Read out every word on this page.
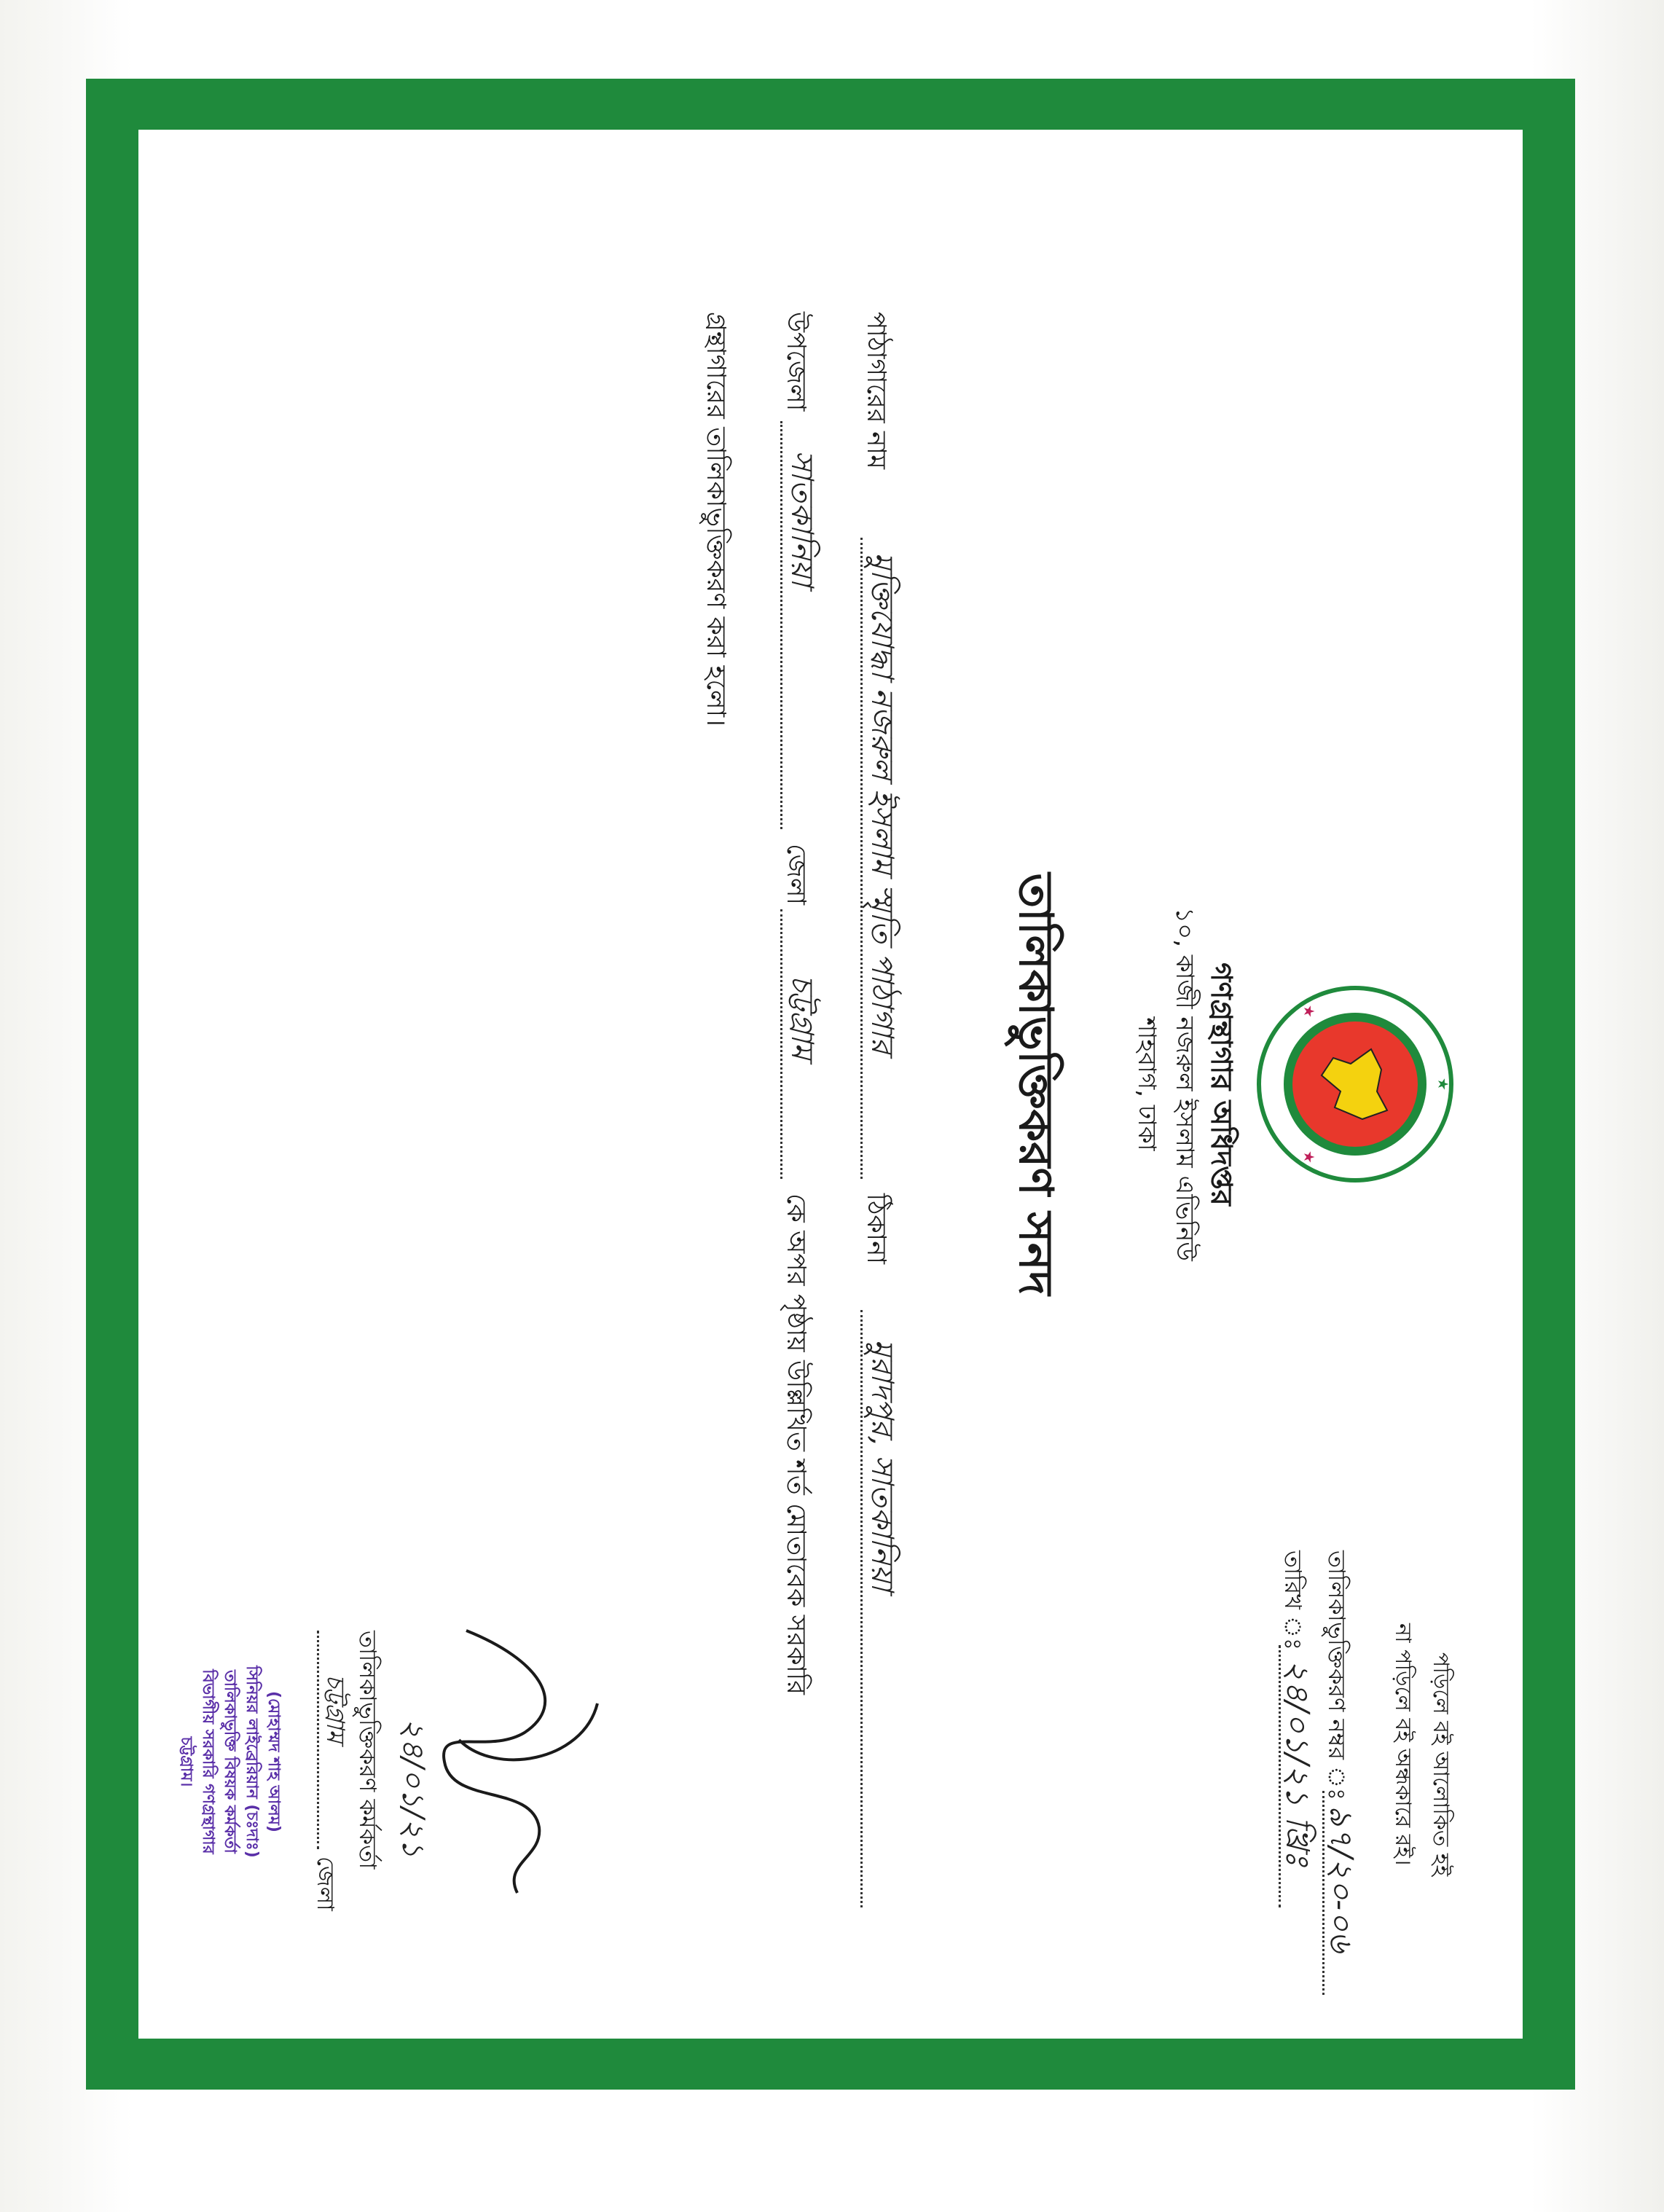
পড়িলে বই আলোকিত হই
না পড়িলে বই অন্ধকারে রই।
★
★
★
গণগ্রন্থাগার অধিদপ্তর
১০, কাজী নজরুল ইসলাম এভিনিউ
শাহবাগ, ঢাকা
তালিকাভুক্তিকরণ নম্বর ঃ
৯৭/২০-০৬
তারিখ ঃ
২৪/০১/২১ খ্রিঃ
তালিকাভুক্তিকরণ সনদ
পাঠাগারের নাম
মুক্তিযোদ্ধা নজরুল ইসলাম স্মৃতি পাঠাগার
ঠিকানা
মুরাদপুর, সাতকানিয়া
উপজেলা
সাতকানিয়া
জেলা
চট্টগ্রাম
কে অপর পৃষ্ঠায় উল্লিখিত শর্ত মোতাবেক সরকারি
গ্রন্থাগারের তালিকাভুক্তিকরণ করা হলো।
২৪/০১/২১
তালিকাভুক্তিকরণ কর্মকর্তা
চট্টগ্রাম
জেলা
(মোহাম্মদ শাহ আলম)
সিনিয়র লাইব্রেরিয়ান (চঃদাঃ)
তালিকাভুক্তি বিষয়ক কর্মকর্তা
বিভাগীয় সরকারি গণগ্রন্থাগার
চট্টগ্রাম।
